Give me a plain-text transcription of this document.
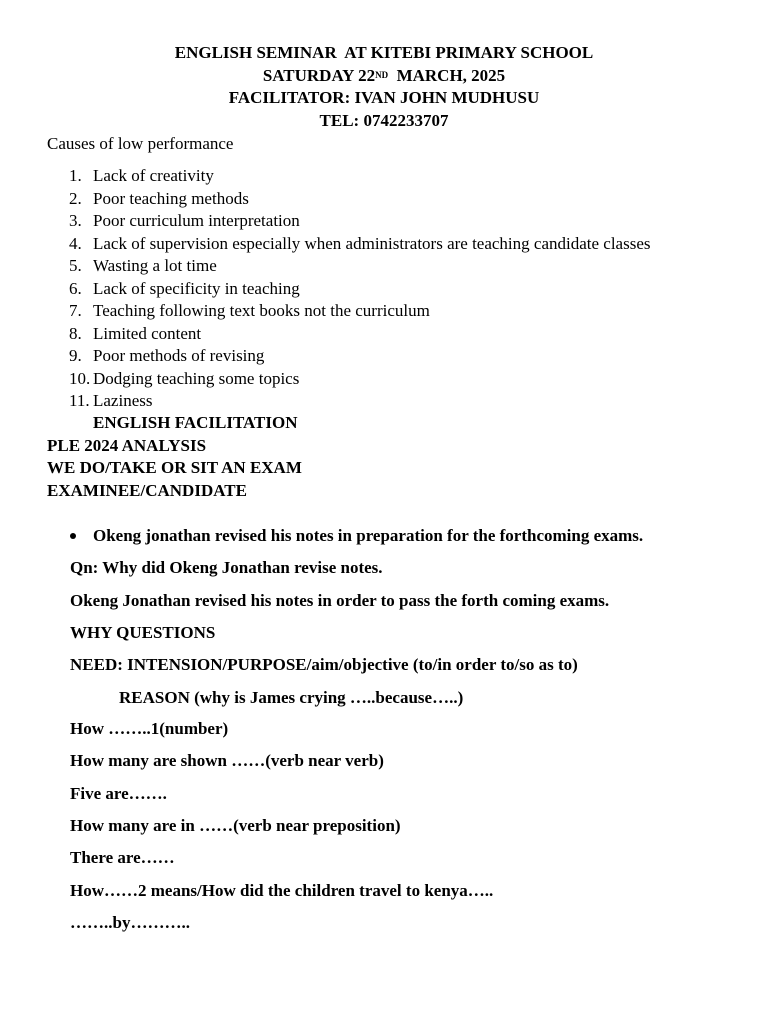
ENGLISH SEMINAR  AT KITEBI PRIMARY SCHOOL
SATURDAY 22ND  MARCH, 2025
FACILITATOR: IVAN JOHN MUDHUSU
TEL: 0742233707
Causes of low performance
1. Lack of creativity
2. Poor teaching methods
3. Poor curriculum interpretation
4. Lack of supervision especially when administrators are teaching candidate classes
5. Wasting a lot time
6. Lack of specificity in teaching
7. Teaching following text books not the curriculum
8. Limited content
9. Poor methods of revising
10. Dodging teaching some topics
11. Laziness
ENGLISH FACILITATION
PLE 2024 ANALYSIS
WE DO/TAKE OR SIT AN EXAM
EXAMINEE/CANDIDATE
Okeng jonathan revised his notes in preparation for the forthcoming exams.
Qn: Why did Okeng Jonathan revise notes.
Okeng Jonathan revised his notes in order to pass the forth coming exams.
WHY QUESTIONS
NEED: INTENSION/PURPOSE/aim/objective (to/in order to/so as to)
REASON (why is James crying …..because…..)
How ……..1(number)
How many are shown ……(verb near verb)
Five are…….
How many are in ……(verb near preposition)
There are……
How……2 means/How did the children travel to kenya…..
……..by………..
